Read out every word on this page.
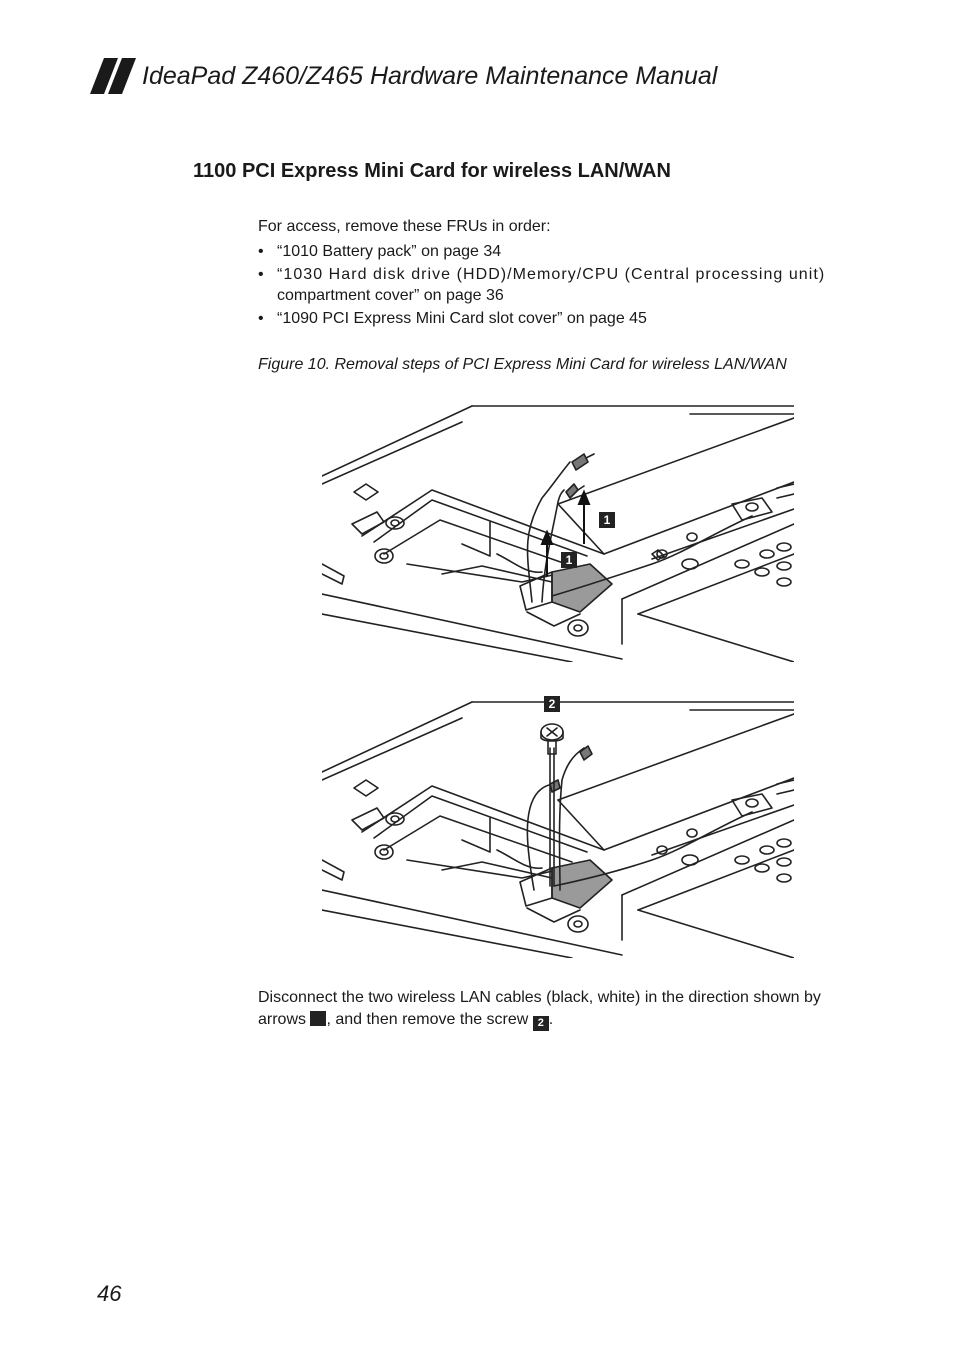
IdeaPad Z460/Z465 Hardware Maintenance Manual
1100 PCI Express Mini Card for wireless LAN/WAN
For access, remove these FRUs in order:
• “1010 Battery pack” on page 34
• “1030 Hard disk drive (HDD)/Memory/CPU (Central processing unit)
compartment cover” on page 36
• “1090 PCI Express Mini Card slot cover” on page 45
Figure 10. Removal steps of PCI Express Mini Card for wireless LAN/WAN
1
1
2
Disconnect the two wireless LAN cables (black, white) in the direction shown by arrows , and then remove the screw 2 .
46
